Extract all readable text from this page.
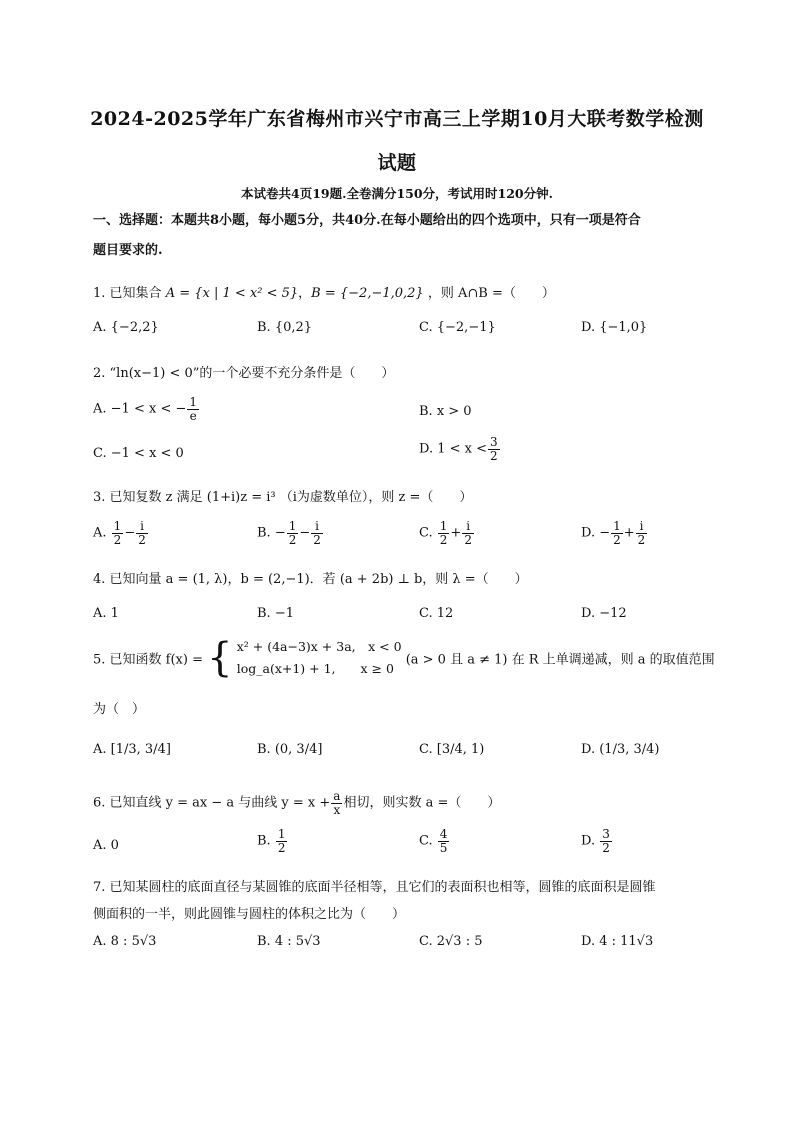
2024-2025学年广东省梅州市兴宁市高三上学期10月大联考数学检测
试题
本试卷共4页19题.全卷满分150分，考试用时120分钟.
一、选择题：本题共8小题，每小题5分，共40分.在每小题给出的四个选项中，只有一项是符合
题目要求的.
1. 已知集合 A = {x | 1 < x² < 5}，B = {−2,−1,0,2} ，则 A∩B =（　　）
A. {−2,2}	B. {0,2}	C. {−2,−1}	D. {−1,0}
2. “ln(x−1) < 0”的一个必要不充分条件是（　　）
A. −1 < x < − $\frac{1}{e}$	B. x > 0
C. −1 < x < 0	D. $1 < x < \frac{3}{2}$
3. 已知复数 z 满足 (1+i)z = i³ （i为虚数单位），则 z =（　　）
A. $\frac{1}{2} - \frac{i}{2}$	B. − $\frac{1}{2} - \frac{i}{2}$	C. $\frac{1}{2} + \frac{i}{2}$	D. − $\frac{1}{2} + \frac{i}{2}$
4. 已知向量 a = (1, λ)，b = (2,−1)．若 (a + 2b) ⊥ b，则 λ =（　　）
A. 1	B. −1	C. 12	D. −12
5. 已知函数 f(x) = { x² + (4a−3)x + 3a,　x < 0
log_a(x+1) + 1,　　x ≥ 0
(a > 0 且 a ≠ 1) 在 R 上单调递减，则 a 的取值范围
为（　）
A. [1/3, 3/4]	B. (0, 3/4]	C. [3/4, 1)	D. (1/3, 3/4)
6. 已知直线 y = ax − a 与曲线 $y = x + \frac{a}{x}$ 相切，则实数 a =（　　）
A. 0	B. $\frac{1}{2}$	C. $\frac{4}{5}$	D. $\frac{3}{2}$
7. 已知某圆柱的底面直径与某圆锥的底面半径相等，且它们的表面积也相等，圆锥的底面积是圆锥
侧面积的一半，则此圆锥与圆柱的体积之比为（　　）
A. 8 : 5√3	B. 4 : 5√3	C. 2√3 : 5	D. 4 : 11√3
